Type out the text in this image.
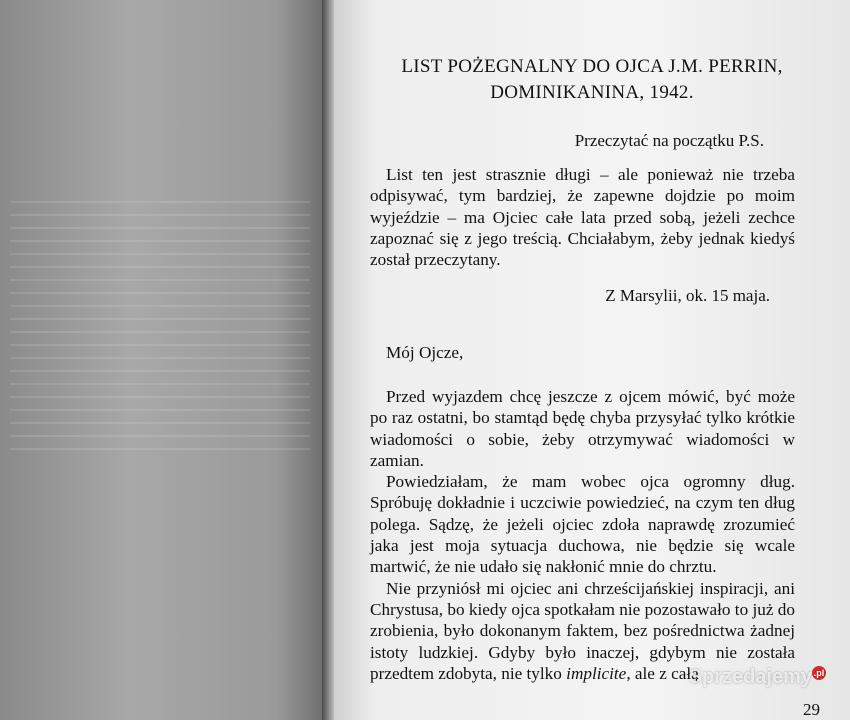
LIST POŻEGNALNY DO OJCA J.M. PERRIN,
DOMINIKANINA, 1942.
Przeczytać na początku P.S.

List ten jest strasznie długi – ale ponieważ nie trzeba odpisywać, tym bardziej, że zapewne dojdzie po moim wyjeździe – ma Ojciec całe lata przed sobą, jeżeli zechce zapoznać się z jego treścią. Chciałabym, żeby jednak kiedyś został przeczytany.

Z Marsylii, ok. 15 maja.
Mój Ojcze,

Przed wyjazdem chcę jeszcze z ojcem mówić, być może po raz ostatni, bo stamtąd będę chyba przysyłać tylko krótkie wiadomości o sobie, żeby otrzymywać wiadomości w zamian.

Powiedziałam, że mam wobec ojca ogromny dług. Spróbuję dokładnie i uczciwie powiedzieć, na czym ten dług polega. Sądzę, że jeżeli ojciec zdoła naprawdę zrozumieć jaka jest moja sytuacja duchowa, nie będzie się wcale martwić, że nie udało się nakłonić mnie do chrztu.

Nie przyniósł mi ojciec ani chrześcijańskiej inspiracji, ani Chrystusa, bo kiedy ojca spotkałam nie pozostawało to już do zrobienia, było dokonanym faktem, bez pośrednictwa żadnej istoty ludzkiej. Gdyby było inaczej, gdybym nie została przedtem zdobyta, nie tylko implicite, ale z całą

29
Sprzedajemy .pl
